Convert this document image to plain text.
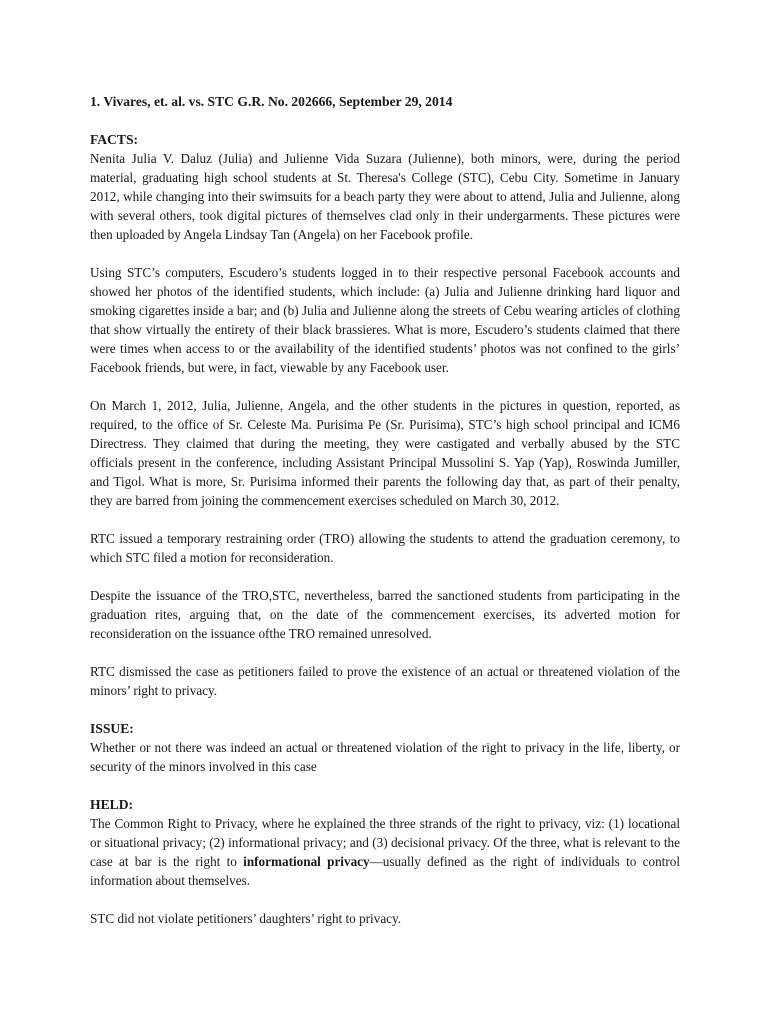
1. Vivares, et. al. vs. STC G.R. No. 202666, September 29, 2014
FACTS:

Nenita Julia V. Daluz (Julia) and Julienne Vida Suzara (Julienne), both minors, were, during the period material, graduating high school students at St. Theresa's College (STC), Cebu City. Sometime in January 2012, while changing into their swimsuits for a beach party they were about to attend, Julia and Julienne, along with several others, took digital pictures of themselves clad only in their undergarments. These pictures were then uploaded by Angela Lindsay Tan (Angela) on her Facebook profile.

Using STC’s computers, Escudero’s students logged in to their respective personal Facebook accounts and showed her photos of the identified students, which include: (a) Julia and Julienne drinking hard liquor and smoking cigarettes inside a bar; and (b) Julia and Julienne along the streets of Cebu wearing articles of clothing that show virtually the entirety of their black brassieres. What is more, Escudero’s students claimed that there were times when access to or the availability of the identified students’ photos was not confined to the girls’ Facebook friends, but were, in fact, viewable by any Facebook user.

On March 1, 2012, Julia, Julienne, Angela, and the other students in the pictures in question, reported, as required, to the office of Sr. Celeste Ma. Purisima Pe (Sr. Purisima), STC’s high school principal and ICM6 Directress. They claimed that during the meeting, they were castigated and verbally abused by the STC officials present in the conference, including Assistant Principal Mussolini S. Yap (Yap), Roswinda Jumiller, and Tigol. What is more, Sr. Purisima informed their parents the following day that, as part of their penalty, they are barred from joining the commencement exercises scheduled on March 30, 2012.

RTC issued a temporary restraining order (TRO) allowing the students to attend the graduation ceremony, to which STC filed a motion for reconsideration.

Despite the issuance of the TRO,STC, nevertheless, barred the sanctioned students from participating in the graduation rites, arguing that, on the date of the commencement exercises, its adverted motion for reconsideration on the issuance ofthe TRO remained unresolved.

RTC dismissed the case as petitioners failed to prove the existence of an actual or threatened violation of the minors’ right to privacy.

ISSUE:

Whether or not there was indeed an actual or threatened violation of the right to privacy in the life, liberty, or security of the minors involved in this case

HELD:

The Common Right to Privacy, where he explained the three strands of the right to privacy, viz: (1) locational or situational privacy; (2) informational privacy; and (3) decisional privacy. Of the three, what is relevant to the case at bar is the right to informational privacy—usually defined as the right of individuals to control information about themselves.

STC did not violate petitioners’ daughters’ right to privacy.
